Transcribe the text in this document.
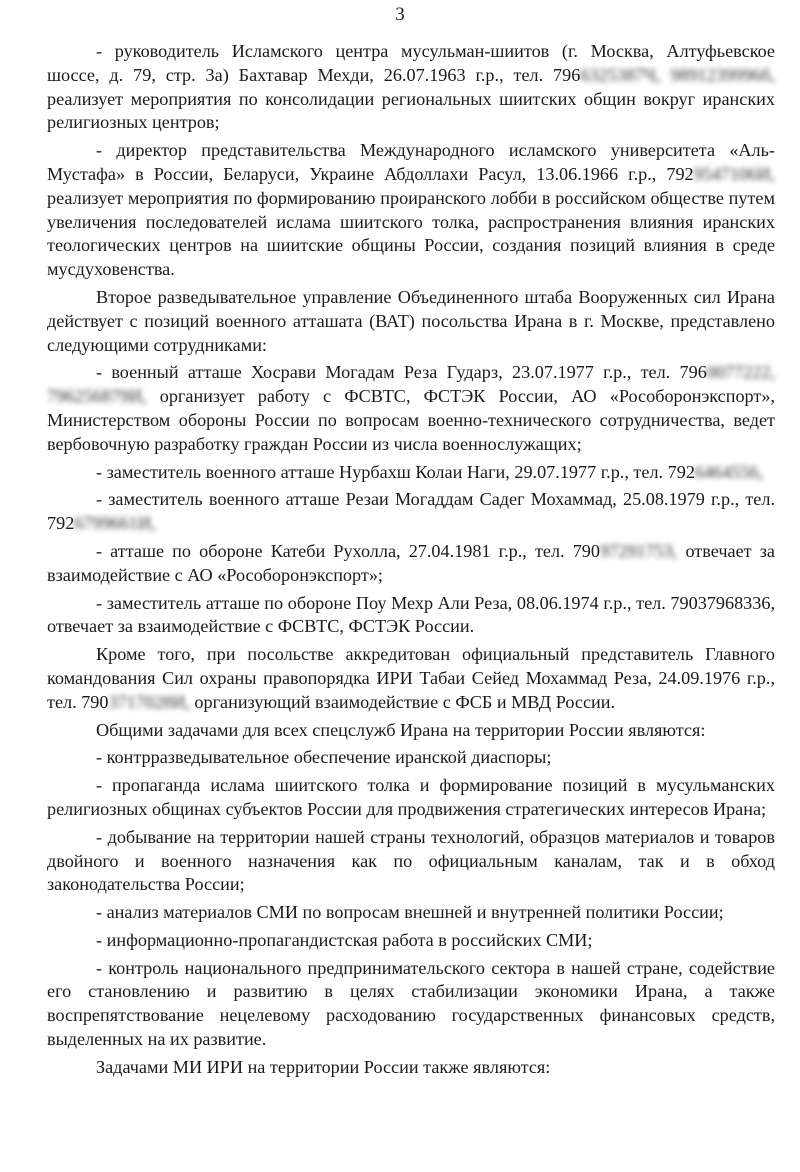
3

- руководитель Исламского центра мусульман-шиитов (г. Москва, Алтуфьевское шоссе, д. 79, стр. 3а) Бахтавар Мехди, 26.07.1963 г.р., тел. 7966325387Ч, 9891239996б, реализует мероприятия по консолидации региональных шиитских общин вокруг иранских религиозных центров;

- директор представительства Международного исламского университета «Аль-Мустафа» в России, Беларуси, Украине Абдоллахи Расул, 13.06.1966 г.р., 7929547106И, реализует мероприятия по формированию проиранского лобби в российском обществе путем увеличения последователей ислама шиитского толка, распространения влияния иранских теологических центров на шиитские общины России, создания позиций влияния в среде мусдуховенства.

Второе разведывательное управление Объединенного штаба Вооруженных сил Ирана действует с позиций военного атташата (ВАТ) посольства Ирана в г. Москве, представлено следующими сотрудниками:

- военный атташе Хосрави Могадам Реза Гударз, 23.07.1977 г.р., тел. 7960077222, 796256879И, организует работу с ФСВТС, ФСТЭК России, АО «Рособоронэкспорт», Министерством обороны России по вопросам военно-технического сотрудничества, ведет вербовочную разработку граждан России из числа военнослужащих;

- заместитель военного атташе Нурбахш Колаи Наги, 29.07.1977 г.р., тел. 7926464556,

- заместитель военного атташе Резаи Могаддам Садег Мохаммад, 25.08.1979 г.р., тел. 7926799661И,

- атташе по обороне Катеби Рухолла, 27.04.1981 г.р., тел. 7909729175З, отвечает за взаимодействие с АО «Рособоронэкспорт»;

- заместитель атташе по обороне Поу Мехр Али Реза, 08.06.1974 г.р., тел. 79037968336, отвечает за взаимодействие с ФСВТС, ФСТЭК России.

Кроме того, при посольстве аккредитован официальный представитель Главного командования Сил охраны правопорядка ИРИ Табаи Сейед Мохаммад Реза, 24.09.1976 г.р., тел. 7903717028И, организующий взаимодействие с ФСБ и МВД России.

Общими задачами для всех спецслужб Ирана на территории России являются:

- контрразведывательное обеспечение иранской диаспоры;

- пропаганда ислама шиитского толка и формирование позиций в мусульманских религиозных общинах субъектов России для продвижения стратегических интересов Ирана;

- добывание на территории нашей страны технологий, образцов материалов и товаров двойного и военного назначения как по официальным каналам, так и в обход законодательства России;

- анализ материалов СМИ по вопросам внешней и внутренней политики России;

- информационно-пропагандистская работа в российских СМИ;

- контроль национального предпринимательского сектора в нашей стране, содействие его становлению и развитию в целях стабилизации экономики Ирана, а также воспрепятствование нецелевому расходованию государственных финансовых средств, выделенных на их развитие.

Задачами МИ ИРИ на территории России также являются:
